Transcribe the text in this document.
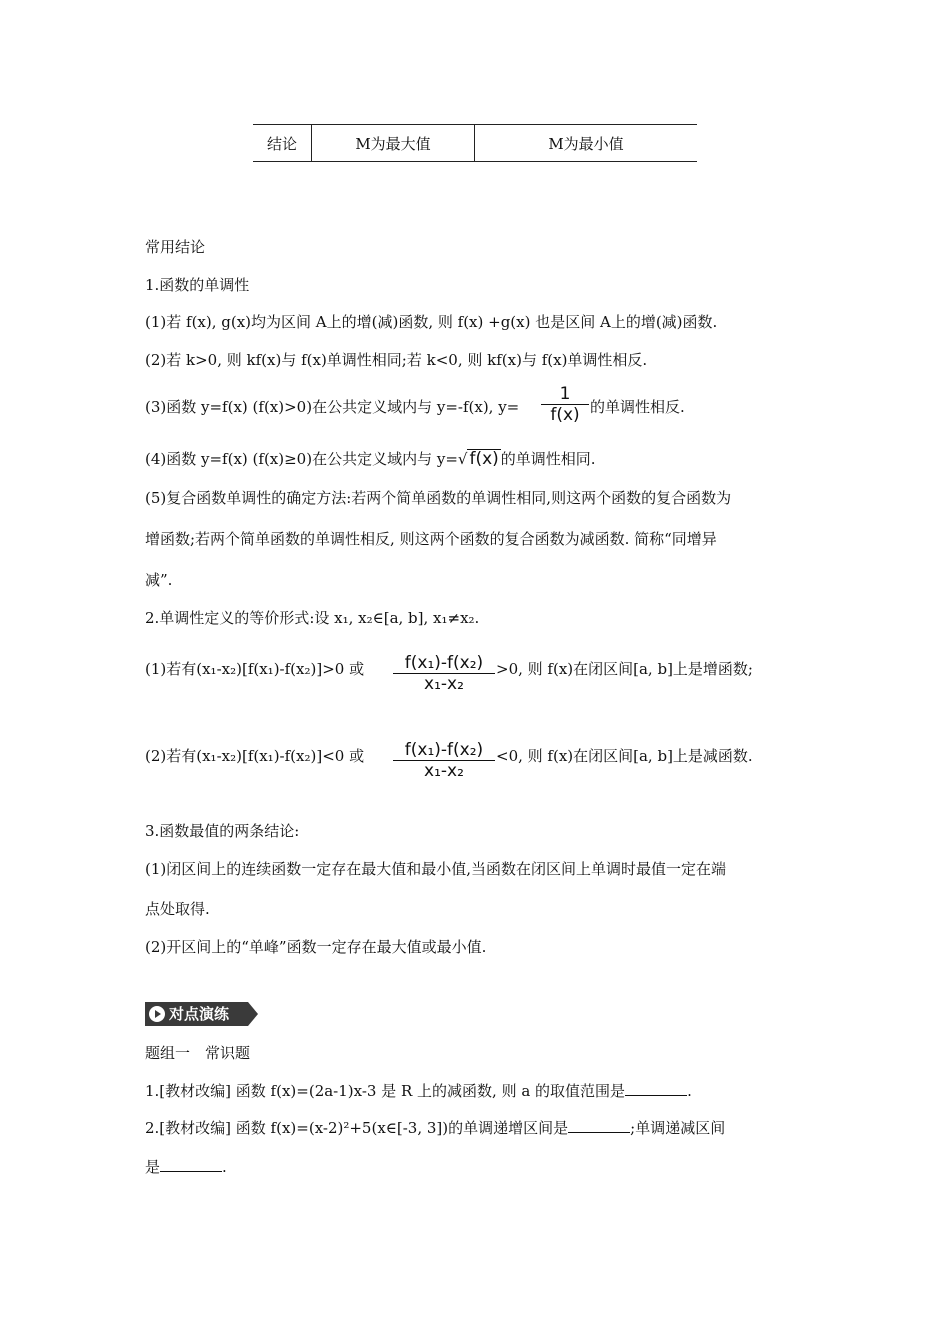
结论	M为最大值	M为最小值
常用结论
1.函数的单调性
(1)若 f(x), g(x)均为区间 A上的增(减)函数, 则 f(x) +g(x) 也是区间 A上的增(减)函数.
(2)若 k>0, 则 kf(x)与 f(x)单调性相同;若 k<0, 则 kf(x)与 f(x)单调性相反.
(3)函数 y=f(x) (f(x)>0)在公共定义域内与 y=-f(x), y=
1
f(x) 的单调性相反.
(4)函数 y=f(x) (f(x)≥0)在公共定义域内与 y=√ f(x) 的单调性相同.
(5)复合函数单调性的确定方法:若两个简单函数的单调性相同,则这两个函数的复合函数为
增函数;若两个简单函数的单调性相反, 则这两个函数的复合函数为减函数. 简称“同增异
减”.
2.单调性定义的等价形式:设 x₁, x₂∈[a, b], x₁≠x₂.
(1)若有(x₁-x₂)[f(x₁)-f(x₂)]>0 或	f(x₁)-f(x₂)
x₁-x₂
>0, 则 f(x)在闭区间[a, b]上是增函数;
(2)若有(x₁-x₂)[f(x₁)-f(x₂)]<0 或	f(x₁)-f(x₂)
x₁-x₂
<0, 则 f(x)在闭区间[a, b]上是减函数.
3.函数最值的两条结论:
(1)闭区间上的连续函数一定存在最大值和最小值,当函数在闭区间上单调时最值一定在端
点处取得.
(2)开区间上的“单峰”函数一定存在最大值或最小值.
对点演练
题组一　常识题
1.[教材改编] 函数 f(x)=(2a-1)x-3 是 R 上的减函数, 则 a 的取值范围是	.
2.[教材改编] 函数 f(x)=(x-2)²+5(x∈[-3, 3])的单调递增区间是	;单调递减区间
是	.
